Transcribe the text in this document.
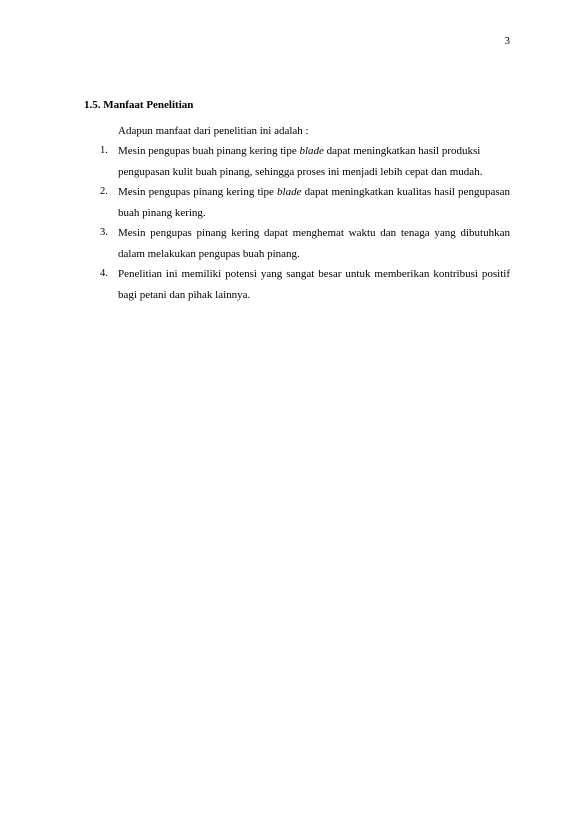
3
1.5. Manfaat Penelitian

Adapun manfaat dari penelitian ini adalah :

1. Mesin pengupas buah pinang kering tipe blade dapat meningkatkan hasil produksi pengupasan kulit buah pinang, sehingga proses ini menjadi lebih cepat dan mudah.

2. Mesin pengupas pinang kering tipe blade dapat meningkatkan kualitas hasil pengupasan buah pinang kering.

3. Mesin pengupas pinang kering dapat menghemat waktu dan tenaga yang dibutuhkan dalam melakukan pengupas buah pinang.

4. Penelitian ini memiliki potensi yang sangat besar untuk memberikan kontribusi positif bagi petani dan pihak lainnya.
